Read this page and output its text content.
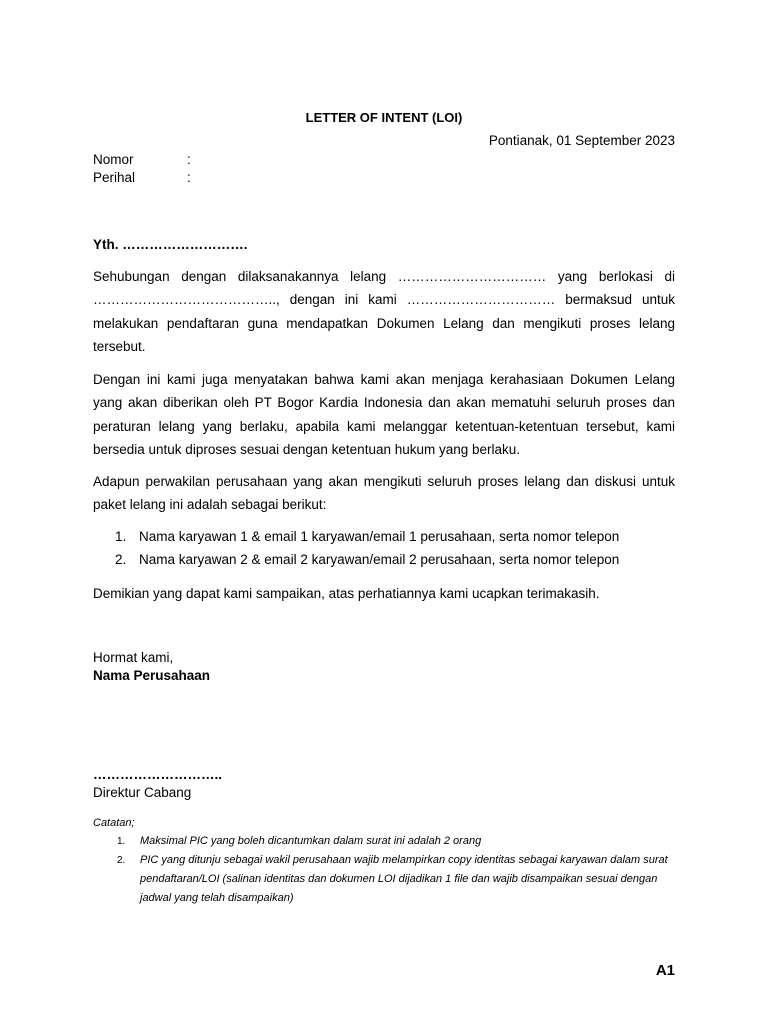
LETTER OF INTENT (LOI)
Pontianak, 01 September 2023
Nomor	:
Perihal	:
Yth. ……………………….
Sehubungan dengan dilaksanakannya lelang …………………………… yang berlokasi di ………………………………….., dengan ini kami …………………………… bermaksud untuk melakukan pendaftaran guna mendapatkan Dokumen Lelang dan mengikuti proses lelang tersebut.
Dengan ini kami juga menyatakan bahwa kami akan menjaga kerahasiaan Dokumen Lelang yang akan diberikan oleh PT Bogor Kardia Indonesia dan akan mematuhi seluruh proses dan peraturan lelang yang berlaku, apabila kami melanggar ketentuan-ketentuan tersebut, kami bersedia untuk diproses sesuai dengan ketentuan hukum yang berlaku.
Adapun perwakilan perusahaan yang akan mengikuti seluruh proses lelang dan diskusi untuk paket lelang ini adalah sebagai berikut:
1. Nama karyawan 1 & email 1 karyawan/email 1 perusahaan, serta nomor telepon
2. Nama karyawan 2 & email 2 karyawan/email 2 perusahaan, serta nomor telepon
Demikian yang dapat kami sampaikan, atas perhatiannya kami ucapkan terimakasih.
Hormat kami,
Nama Perusahaan
………………………..
Direktur Cabang
Catatan;
1. Maksimal PIC yang boleh dicantumkan dalam surat ini adalah 2 orang
2. PIC yang ditunju sebagai wakil perusahaan wajib melampirkan copy identitas sebagai karyawan dalam surat pendaftaran/LOI (salinan identitas dan dokumen LOI dijadikan 1 file dan wajib disampaikan sesuai dengan jadwal yang telah disampaikan)
A1
